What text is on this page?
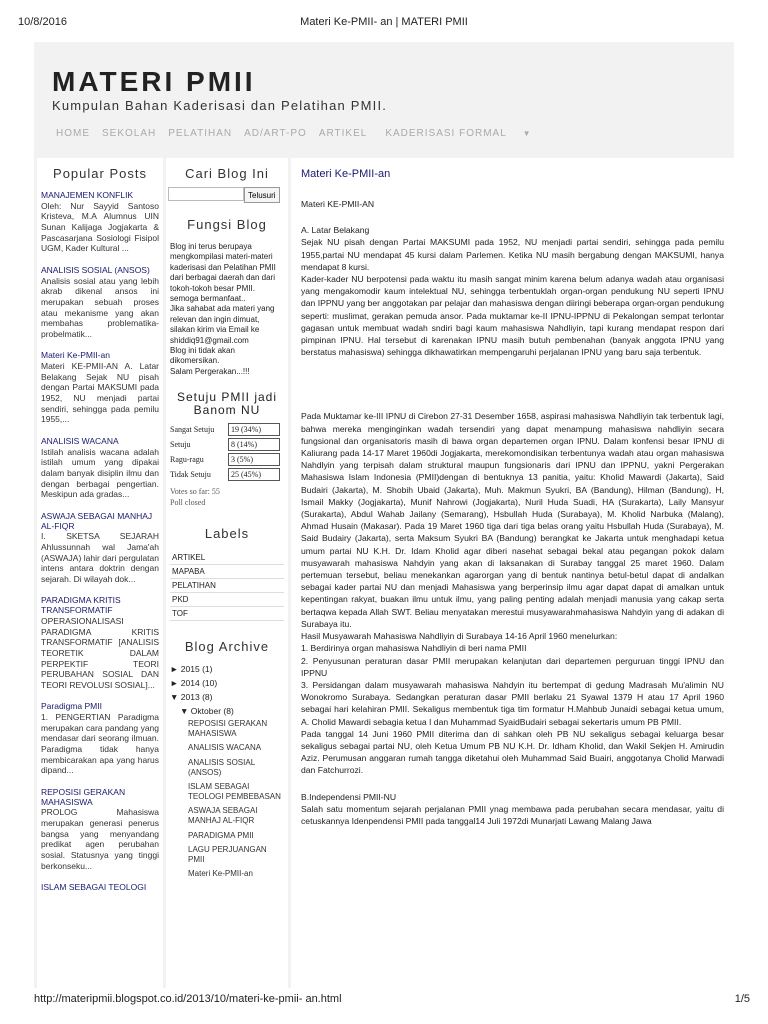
10/8/2016	Materi Ke-PMII- an | MATERI PMII
MATERI PMII
Kumpulan Bahan Kaderisasi dan Pelatihan PMII.
HOME	SEKOLAH	PELATIHAN	AD/ART-PO	ARTIKEL	KADERISASI FORMAL ▼
Popular Posts
MANAJEMEN KONFLIK
Oleh: Nur Sayyid Santoso Kristeva, M.A Alumnus UIN Sunan Kalijaga Jogjakarta & Pascasarjana Sosiologi Fisipol UGM, Kader Kultural ...
ANALISIS SOSIAL (ANSOS)
Analisis sosial atau yang lebih akrab dikenal ansos ini merupakan sebuah proses atau mekanisme yang akan membahas problematika-probelmatik...
Materi Ke-PMII-an
Materi KE-PMII-AN A. Latar Belakang Sejak NU pisah dengan Partai MAKSUMI pada 1952, NU menjadi partai sendiri, sehingga pada pemilu 1955,...
ANALISIS WACANA
Istilah analisis wacana adalah istilah umum yang dipakai dalam banyak disiplin ilmu dan dengan berbagai pengertian. Meskipun ada gradas...
ASWAJA SEBAGAI MANHAJ AL-FIQR
I. SKETSA SEJARAH Ahlussunnah wal Jama'ah (ASWAJA) lahir dari pergulatan intens antara doktrin dengan sejarah. Di wilayah dok...
PARADIGMA KRITIS TRANSFORMATIF
OPERASIONALISASI PARADIGMA KRITIS TRANSFORMATIF [ANALISIS TEORETIK DALAM PERPEKTIF TEORI PERUBAHAN SOSIAL DAN TEORI REVOLUSI SOSIAL]...
Paradigma PMII
1. PENGERTIAN Paradigma merupakan cara pandang yang mendasar dari seorang ilmuan. Paradigma tidak hanya membicarakan apa yang harus dipand...
REPOSISI GERAKAN MAHASISWA
PROLOG Mahasiswa merupakan generasi penerus bangsa yang menyandang predikat agen perubahan sosial. Statusnya yang tinggi berkonseku...
ISLAM SEBAGAI TEOLOGI
Cari Blog Ini
Telusuri
Fungsi Blog
Blog ini terus berupaya mengkompilasi materi-materi kaderisasi dan Pelatihan PMII dari berbagai daerah dan dari tokoh-tokoh besar PMII.
semoga bermanfaat..
Jika sahabat ada materi yang relevan dan ingin dimuat, silakan kirim via Email ke shiddiq91@gmail.com
Blog ini tidak akan dikomersikan.
Salam Pergerakan...!!!
Setuju PMII jadi Banom NU
Sangat Setuju	19 (34%)
Setuju	8 (14%)
Ragu-ragu	3 (5%)
Tidak Setuju	25 (45%)
Votes so far: 55
Poll closed
Labels
ARTIKEL
MAPABA
PELATIHAN
PKD
TOF
Blog Archive
► 2015 (1)
► 2014 (10)
▼ 2013 (8)
▼ Oktober (8)
REPOSISI GERAKAN MAHASISWA
ANALISIS WACANA
ANALISIS SOSIAL (ANSOS)
ISLAM SEBAGAI TEOLOGI PEMBEBASAN
ASWAJA SEBAGAI MANHAJ AL-FIQR
PARADIGMA PMII
LAGU PERJUANGAN PMII
Materi Ke-PMII-an
Materi Ke-PMII-an

Materi KE-PMII-AN

A. Latar Belakang

Sejak NU pisah dengan Partai MAKSUMI pada 1952, NU menjadi partai sendiri, sehingga pada pemilu 1955,partai NU mendapat 45 kursi dalam Parlemen. Ketika NU masih bergabung dengan MAKSUMI, hanya mendapat 8 kursi.

Kader-kader NU berpotensi pada waktu itu masih sangat minim karena belum adanya wadah atau organisasi yang mengakomodir kaum intelektual NU, sehingga terbentuklah organ-organ pendukung NU seperti IPNU dan IPPNU yang ber anggotakan par pelajar dan mahasiswa dengan diiringi beberapa organ-organ pendukung seperti: muslimat, gerakan pemuda ansor. Pada muktamar ke-II IPNU-IPPNU di Pekalongan sempat terlontar gagasan untuk membuat wadah sndiri bagi kaum mahasiswa Nahdliyin, tapi kurang mendapat respon dari pimpinan IPNU. Hal tersebut di karenakan IPNU masih butuh pembenahan (banyak anggota IPNU yang berstatus mahasiswa) sehingga dikhawatirkan mempengaruhi perjalanan IPNU yang baru saja terbentuk.

Pada Muktamar ke-III IPNU di Cirebon 27-31 Desember 1658, aspirasi mahasiswa Nahdliyin tak terbentuk lagi, bahwa mereka menginginkan wadah tersendiri yang dapat menampung mahasiswa nahdliyin secara fungsional dan organisatoris masih di bawa organ departemen organ IPNU. Dalam konfensi besar IPNU di Kaliurang pada 14-17 Maret 1960di Jogjakarta, merekomondisikan terbentunya wadah atau organ mahasiswa Nahdlyin yang terpisah dalam struktural maupun fungsionaris dari IPNU dan IPPNU, yakni Pergerakan Mahasiswa Islam Indonesia (PMII)dengan di bentuknya 13 panitia, yaitu: Kholid Mawardi (Jakarta), Said Budairi (Jakarta), M. Shobih Ubaid (Jakarta), Muh. Makmun Syukri, BA (Bandung), Hilman (Bandung), H, Ismail Makky (Jogjakarta), Munif Nahrowi (Jogjakarta), Nuril Huda Suadi, HA (Surakarta), Laily Mansyur (Surakarta), Abdul Wahab Jailany (Semarang), Hsbullah Huda (Surabaya), M. Kholid Narbuka (Malang), Ahmad Husain (Makasar). Pada 19 Maret 1960 tiga dari tiga belas orang yaitu Hsbullah Huda (Surabaya), M. Said Budairy (Jakarta), serta Maksum Syukri BA (Bandung) berangkat ke Jakarta untuk menghadapi ketua umum partai NU K.H. Dr. Idam Kholid agar diberi nasehat sebagai bekal atau pegangan pokok dalam musyawarah mahasiswa Nahdyin yang akan di laksanakan di Surabay tanggal 25 maret 1960. Dalam pertemuan tersebut, beliau menekankan agarorgan yang di bentuk nantinya betul-betul dapat di andalkan sebagai kader partai NU dan menjadi Mahasiswa yang berperinsip ilmu agar dapat dapat di amalkan untuk kepentingan rakyat, buakan ilmu untuk ilmu, yang paling penting adalah menjadi manusia yang cakap serta bertaqwa kepada Allah SWT. Beliau menyatakan merestui musyawarahmahasiswa Nahdyin yang di adakan di Surabaya itu.

Hasil Musyawarah Mahasiswa Nahdliyin di Surabaya 14-16 April 1960 menelurkan:

1. Berdirinya organ mahasiswa Nahdliyin di beri nama PMII

2. Penyusunan peraturan dasar PMII merupakan kelanjutan dari departemen perguruan tinggi IPNU dan IPPNU

3. Persidangan dalam musyawarah mahasiswa Nahdyin itu bertempat di gedung Madrasah Mu'alimin NU Wonokromo Surabaya. Sedangkan peraturan dasar PMII berlaku 21 Syawal 1379 H atau 17 April 1960 sebagai hari kelahiran PMII. Sekaligus membentuk tiga tim formatur H.Mahbub Junaidi sebagai ketua umum, A. Cholid Mawardi sebagia ketua I dan Muhammad SyaidBudairi sebagai sekertaris umum PB PMII.

Pada tanggal 14 Juni 1960 PMII diterima dan di sahkan oleh PB NU sekaligus sebagai keluarga besar sekaligus sebagai partai NU, oleh Ketua Umum PB NU K.H. Dr. Idham Kholid, dan Wakil Sekjen H. Amirudin Aziz. Perumusan anggaran rumah tangga diketahui oleh Muhammad Said Buairi, anggotanya Cholid Marwadi dan Fatchurrozi.

B.Independensi PMII-NU

Salah satu momentum sejarah perjalanan PMII ynag membawa pada perubahan secara mendasar, yaitu di cetuskannya Idenpendensi PMII pada tanggal14 Juli 1972di Munarjati Lawang Malang Jawa

http://materipmii.blogspot.co.id/2013/10/materi-ke-pmii- an.html	1/5
